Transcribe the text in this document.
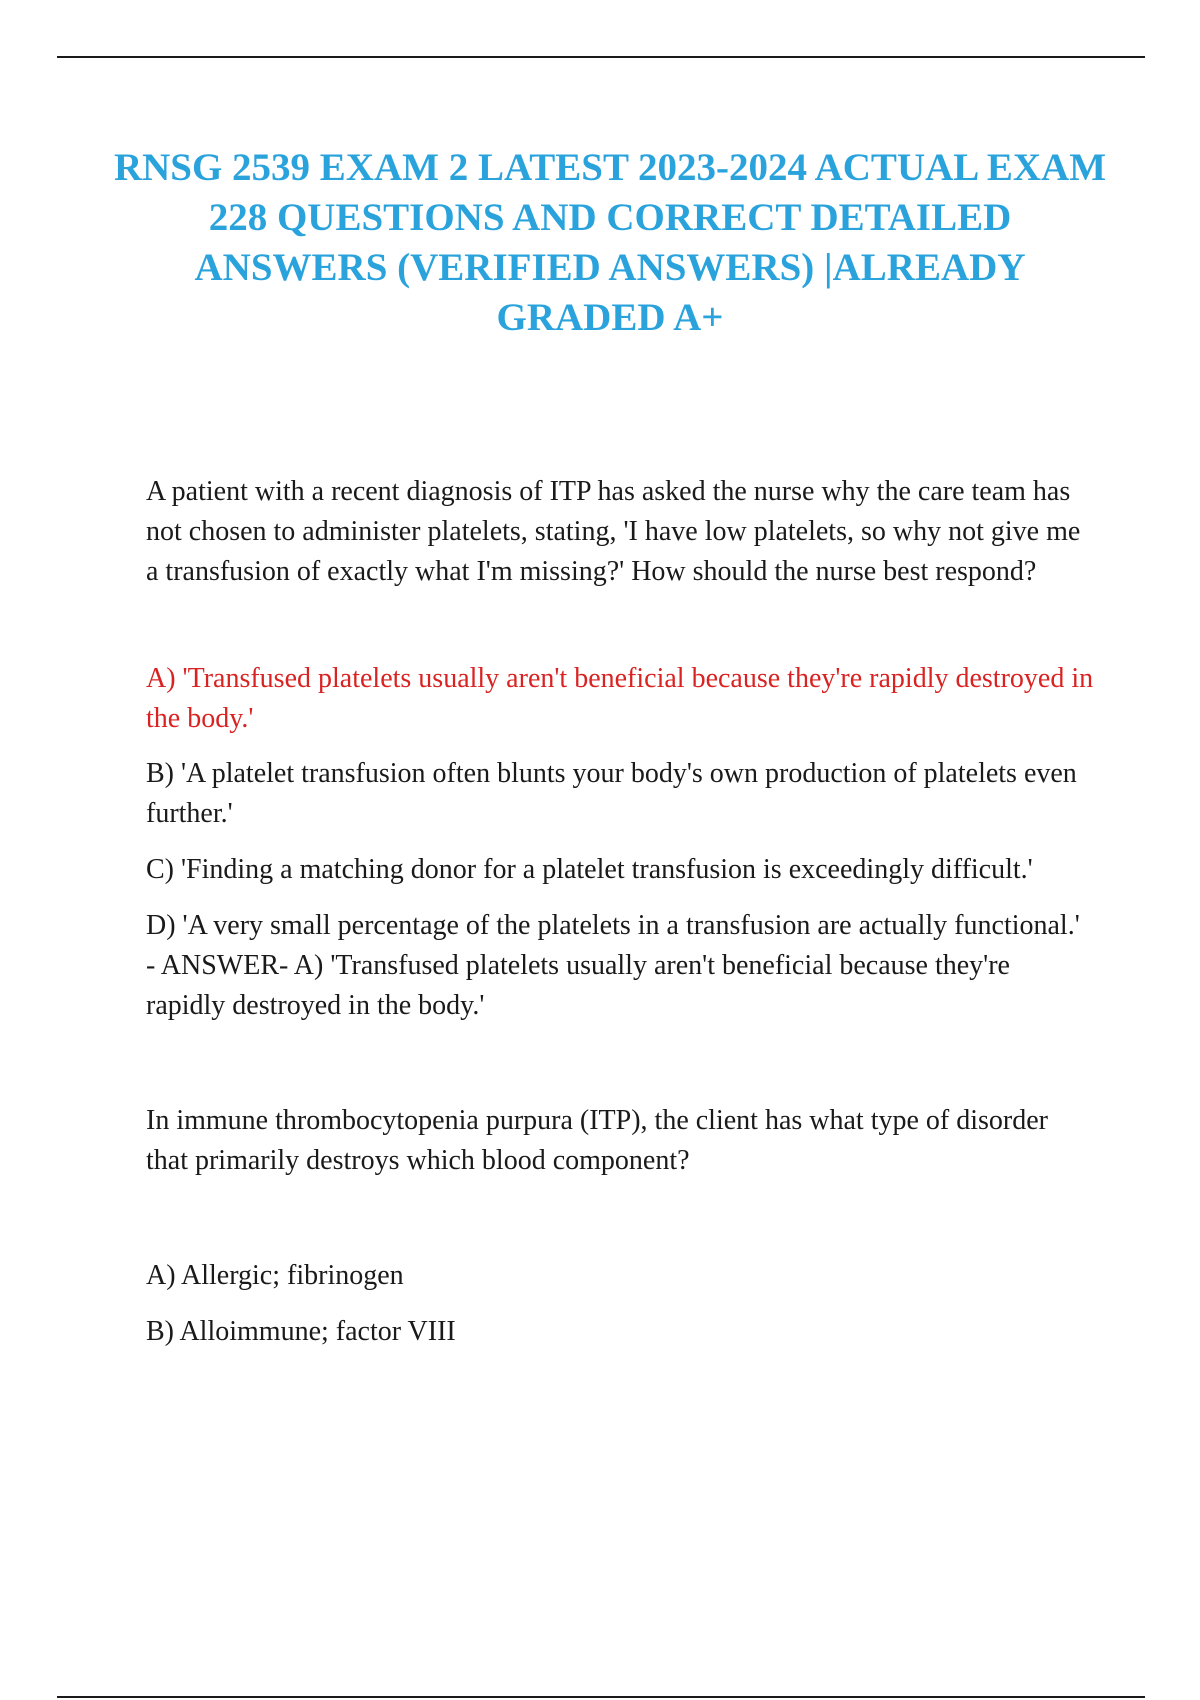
RNSG 2539 EXAM 2 LATEST 2023-2024 ACTUAL EXAM 228 QUESTIONS AND CORRECT DETAILED ANSWERS (VERIFIED ANSWERS) |ALREADY GRADED A+

A patient with a recent diagnosis of ITP has asked the nurse why the care team has not chosen to administer platelets, stating, 'I have low platelets, so why not give me a transfusion of exactly what I'm missing?' How should the nurse best respond?

A) 'Transfused platelets usually aren't beneficial because they're rapidly destroyed in the body.'

B) 'A platelet transfusion often blunts your body's own production of platelets even further.'

C) 'Finding a matching donor for a platelet transfusion is exceedingly difficult.'

D) 'A very small percentage of the platelets in a transfusion are actually functional.' - ANSWER- A) 'Transfused platelets usually aren't beneficial because they're rapidly destroyed in the body.'

In immune thrombocytopenia purpura (ITP), the client has what type of disorder that primarily destroys which blood component?

A) Allergic; fibrinogen

B) Alloimmune; factor VIII
